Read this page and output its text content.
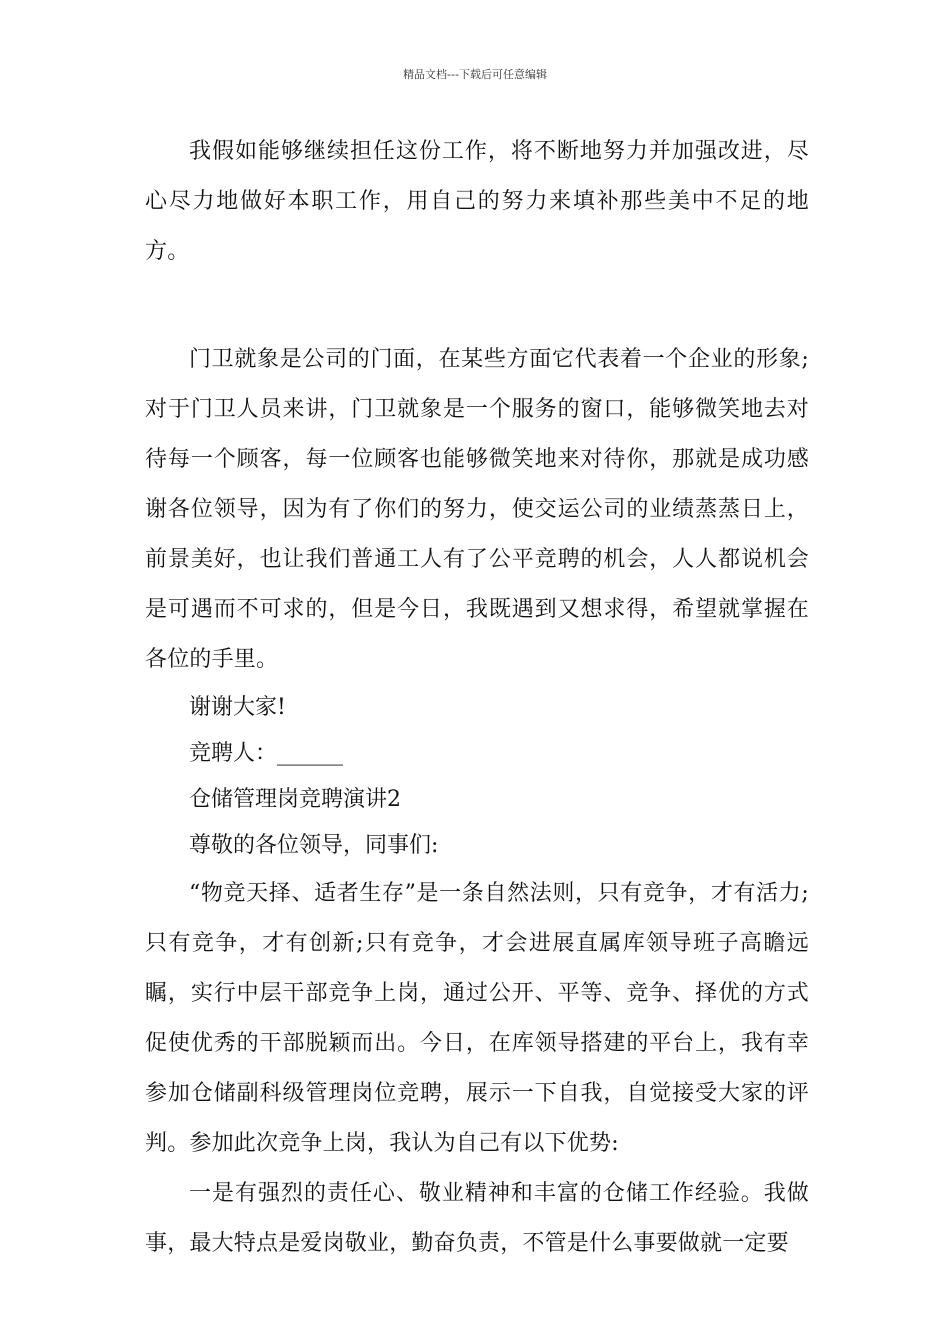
精品文档---下载后可任意编辑

我假如能够继续担任这份工作，将不断地努力并加强改进，尽心尽力地做好本职工作，用自己的努力来填补那些美中不足的地方。

门卫就象是公司的门面，在某些方面它代表着一个企业的形象;对于门卫人员来讲，门卫就象是一个服务的窗口，能够微笑地去对待每一个顾客，每一位顾客也能够微笑地来对待你，那就是成功感谢各位领导，因为有了你们的努力，使交运公司的业绩蒸蒸日上，前景美好，也让我们普通工人有了公平竞聘的机会，人人都说机会是可遇而不可求的，但是今日，我既遇到又想求得，希望就掌握在各位的手里。

谢谢大家!

竞聘人：______

仓储管理岗竞聘演讲2

尊敬的各位领导，同事们:

“物竞天择、适者生存”是一条自然法则，只有竞争，才有活力;只有竞争，才有创新;只有竞争，才会进展直属库领导班子高瞻远瞩，实行中层干部竞争上岗，通过公开、平等、竞争、择优的方式促使优秀的干部脱颖而出。今日，在库领导搭建的平台上，我有幸参加仓储副科级管理岗位竞聘，展示一下自我，自觉接受大家的评判。参加此次竞争上岗，我认为自己有以下优势:

一是有强烈的责任心、敬业精神和丰富的仓储工作经验。我做事，最大特点是爱岗敬业，勤奋负责，不管是什么事要做就一定要
